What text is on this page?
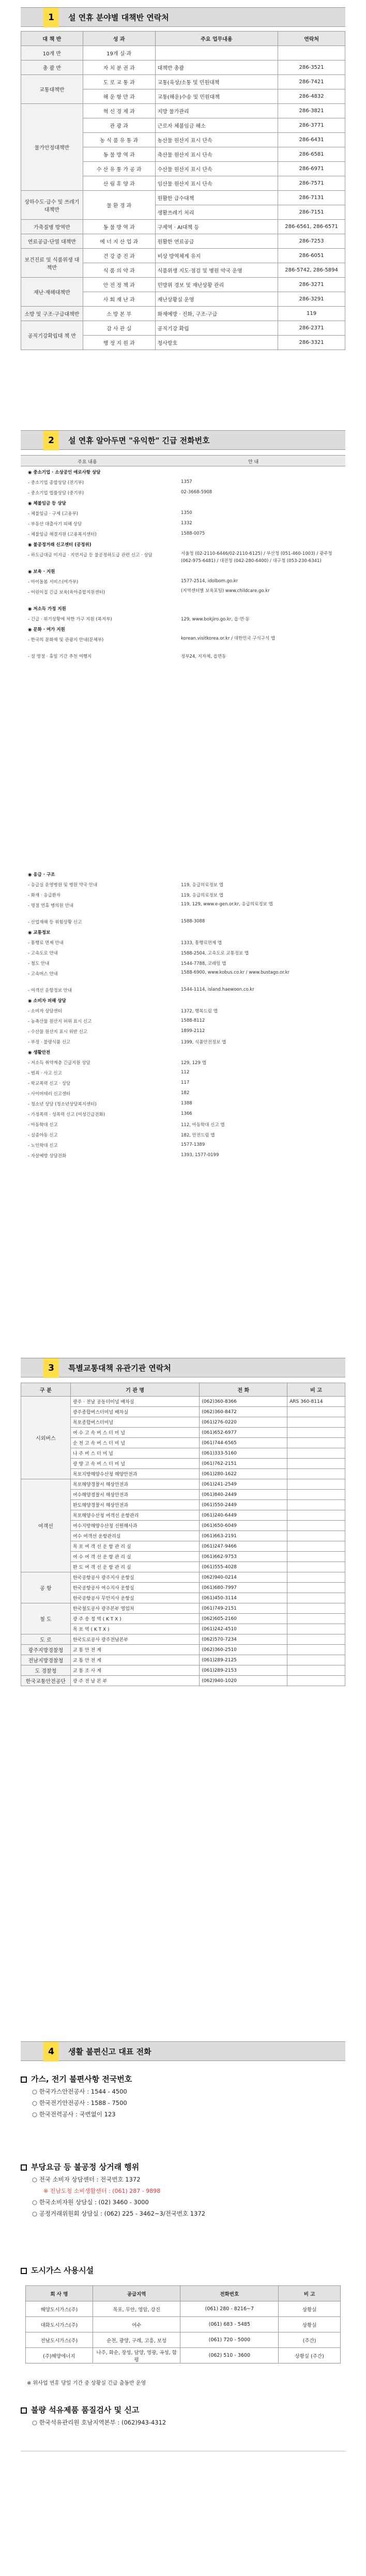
1	설 연휴 분야별 대책반 연락처
대 책 반	성 과	주요 업무내용	연락처
10개 반	19개 실·과		
총 괄 반	자 치 분 권 과	대책반 총괄	286-3521
교통대책반	도 로 교 통 과	교통(육상/소통 및 민원대책	286-7421
	해 운 항 만 과	교통(해운)수송 및 민원대책	286-4832
물가안정대책반	혁 신 경 제 과	지방 물가관리	286-3821
	관 광 과	근로자 체불임금 해소	286-3771
	농 식 품 유 통 과	농산물 원산지 표시 단속	286-6431
	동 물 방 역 과	축산물 원산지 표시 단속	286-6581
	수 산 유 통 가 공 과	수산물 원산지 표시 단속	286-6971
	산 림 휴 양 과	임산물 원산지 표시 단속	286-7571
상하수도·급수 및 쓰레기 대책반	물 환 경 과	원활한 급수대책	286-7131
		생활쓰레기 처리	286-7151
가축질병 방역반	동 물 방 역 과	구제역 · AI대책 등	286-6561, 286-6571
연료공급·단열 대책반	에 너 지 산 업 과	원활한 연료공급	286-7253
보건진료 및 식품위생 대책반	건 강 증 진 과	비상 방역체계 유지	286-6051
	식 품 의 약 과	식품위생 지도·점검 및 병원 약국 운영	286-5742, 286-5894
재난·재해대책반	안 전 정 책 과	민방위 경보 및 재난상황 관리	286-3271
	사 회 재 난 과	재난상황실 운영	286-3291
소방 및 구조·구급대책반	소 방 본 부	화재예방 · 진화, 구조·구급	119
공직기강확립대 책 반	감 사 관 실	공직기강 확립	286-2371
	행 정 지 원 과	청사방호	286-3321
2	설 연휴 알아두면 "유익한" 긴급 전화번호
주요 내용	안 내
◉ 중소기업 · 소상공인 애로사항 상담
- 중소기업 종합상담 (전기부)	1357
- 중소기업 법률상담 (중기부)	02-3668-5908
◉ 체불임금 등 상담
- 체불임금 · 구제 (고용부)	1350
- 부동산 대출사기 피해 상담	1332
- 체불임금 해결지원 (고용복지센터)	1588-0075
◉ 불공정거래 신고센터 (공정위)
- 하도급대금 미지급 · 지연지급 등 불공정하도급 관련 신고 · 상담	서울청 (02-2110-6446/02-2110-6125) / 부산청 (051-460-1003) / 광주청 (062-975-6481) / 대전청 (042-280-6400) / 대구청 (053-230-6341)
◉ 보육 · 지원
- 아이돌봄 서비스(여가부)	1577-2514, idolbom.go.kr
- 어린이집 긴급 보육(육아종합지원센터)	(지역센터별 보육포털) www.childcare.go.kr
◉ 저소득 가정 지원
- 긴급 · 위기상황에 처한 가구 지원 (복지부)	129, www.bokjiro.go.kr, 읍·면·동
◉ 문화 · 여가 지원
- 한국의 문화재 및 관광지 안내(문체부)	korean.visitkorea.or.kr / 대한민국 구석구석 앱
- 설 명절 · 휴일 기간 추천 여행지	정부24, 지자체, 읍면동
◉ 응급 · 구조
- 응급실 운영병원 및 병원 약국 안내	119, 응급의료정보 앱
- 화재 · 응급환자	119, 응급의료정보 앱
- 명절 연휴 병의원 안내	119, 129, www.e-gen.or.kr, 응급의료정보 앱
- 산업재해 등 위험상황 신고	1588-3088
◉ 교통정보
- 통행료 면제 안내	1333, 통행료면제 앱
- 고속도로 안내	1588-2504, 고속도로 교통정보 앱
- 철도 안내	1544-7788, 코레일 앱
- 고속버스 안내	1588-6900, www.kobus.co.kr / www.bustago.or.kr
- 여객선 운항정보 안내	1544-1114, island.haewoon.co.kr
◉ 소비자 피해 상담
- 소비자 상담센터	1372, 행복드림 앱
- 농축산물 원산지 허위 표시 신고	1588-8112
- 수산물 원산지 표시 위반 신고	1899-2112
- 부정 · 불량식품 신고	1399, 식품안전정보 앱
◉ 생활안전
- 저소득 취약계층 긴급지원 상담	129, 129 앱
- 범죄 · 사고 신고	112
- 학교폭력 신고 · 상담	117
- 사이버테러 신고센터	182
- 청소년 상담 (청소년상담복지센터)	1388
- 가정폭력 · 성폭력 신고 (여성긴급전화)	1366
- 아동학대 신고	112, 아동학대 신고 앱
- 실종아동 신고	182, 안전드림 앱
- 노인학대 신고	1577-1389
- 자살예방 상담전화	1393, 1577-0199
3	특별교통대책 유관기관 연락처
구 분	기 관 명	전 화	비 고
시외버스	광주 · 전남 공동터미널 배차실	(062)360-8366	ARS 360-8114
	광주종합버스터미널 배차실	(062)360-8472	
	목포종합버스터미널	(061)276-0220	
	여 수 고 속 버 스 터 미 널	(061)652-6977	
	순 천 고 속 버 스 터 미 널	(061)744-6565	
	나 주 버 스 터 미 널	(061)333-5160	
	광 양 고 속 버 스 터 미 널	(061)762-2151	
	목포지방해양수산청 해양안전과	(061)280-1622	
여객선	목포해양경찰서 해상안전과	(061)241-2549	
	여수해양경찰서 해상안전과	(061)840-2449	
	완도해양경찰서 해상안전과	(061)550-2449	
	목포해양수산청 여객선 운항관리	(061)240-6449	
	여수지방해양수산청 선원해사과	(061)650-6049	
	여수 여객선 운항관리실	(061)663-2191	
	목 포 여 객 선 운 항 관 리 실	(061)247-9466	
	여 수 여 객 선 운 항 관 리 실	(061)662-9753	
	완 도 여 객 선 운 항 관 리 실	(061)555-4028	
공 항	한국공항공사 광주지사 운항실	(062)940-0214	
	한국공항공사 여수지사 운항실	(061)680-7997	
	한국공항공사 무안지사 운항실	(061)450-3114	
철 도	한국철도공사 광주본부 영업처	(061)749-2151	
	광 주 송 정 역 ( K T X )	(062)605-2160	
	목 포 역 ( K T X )	(061)242-4510	
도 로	한국도로공사 광주전남본부	(062)570-7234	
광주지방경찰청	교 통 안 전 계	(062)360-2510	
전남지방경찰청	교 통 안 전 계	(061)289-2125	
도 경찰청	교 통 조 사 계	(061)289-2153	
한국교통안전공단	광 주 전 남 본 부	(062)940-1020	
4	생활 불편신고 대표 전화
가스, 전기 불편사항 전국번호

○ 한국가스안전공사 : 1544 - 4500

○ 한국전기안전공사 : 1588 - 7500

○ 한국전력공사 : 국번없이 123

부당요금 등 불공정 상거래 행위

○ 전국 소비자 상담센터 : 전국번호 1372

※ 전남도청 소비생활센터 : (061) 287 - 9898

○ 한국소비자원 상담실 : (02) 3460 - 3000

○ 공정거래위원회 상담실 : (062) 225 - 3462~3/전국번호 1372

도시가스 사용시설
회 사 명	공급지역	전화번호	비 고
해양도시가스(주)	목포, 무안, 영암, 강진	(061) 280 - 8216~7	상황실
대화도시가스(주)	여수	(061) 683 - 5485	상황실
전남도시가스(주)	순천, 광양, 구례, 고흥, 보성	(061) 720 - 5000	(주간)
(주)해양에너지	나주, 화순, 장성, 담양, 영광, 곡성, 함평	(062) 510 - 3600	상황실 (주간)

※ 위사업 연휴 당일 기간 중 상황실 긴급 출동반 운영

불량 석유제품 품질검사 및 신고

○ 한국석유관리원 호남지역본부 : (062)943-4312
